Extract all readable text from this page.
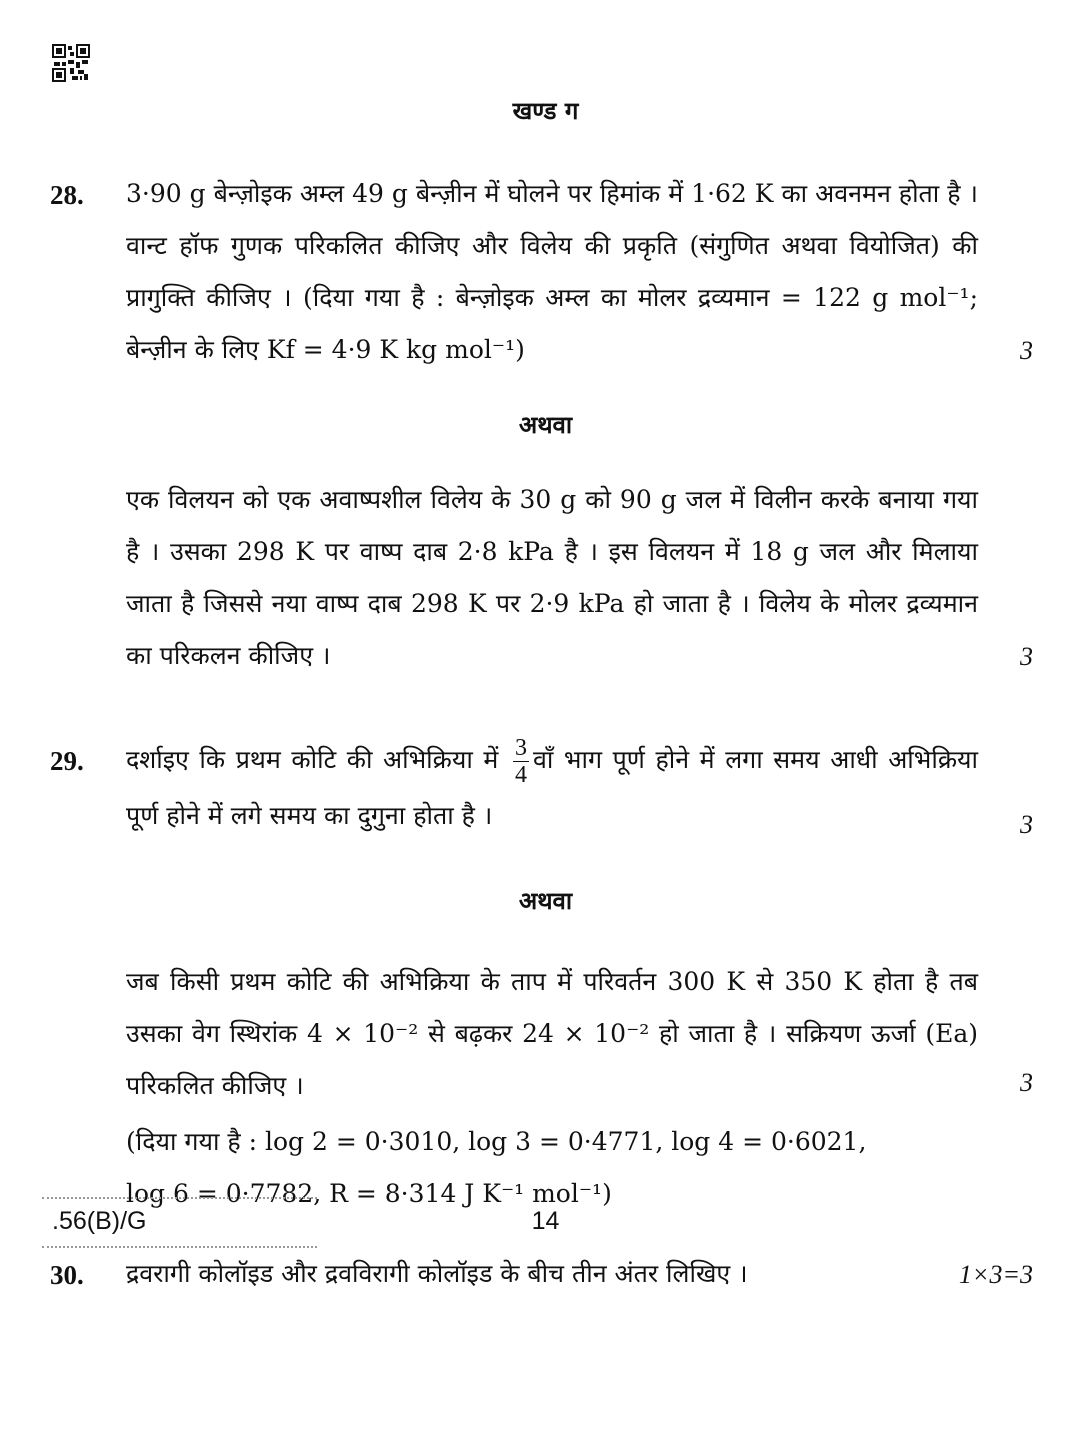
खण्ड ग
28. 3·90 g बेन्ज़ोइक अम्ल 49 g बेन्ज़ीन में घोलने पर हिमांक में 1·62 K का अवनमन होता है । वान्ट हॉफ गुणक परिकलित कीजिए और विलेय की प्रकृति (संगुणित अथवा वियोजित) की प्रागुक्ति कीजिए । (दिया गया है : बेन्ज़ोइक अम्ल का मोलर द्रव्यमान = 122 g mol⁻¹; बेन्ज़ीन के लिए Kf = 4·9 K kg mol⁻¹)	3
अथवा
एक विलयन को एक अवाष्पशील विलेय के 30 g को 90 g जल में विलीन करके बनाया गया है । उसका 298 K पर वाष्प दाब 2·8 kPa है । इस विलयन में 18 g जल और मिलाया जाता है जिससे नया वाष्प दाब 298 K पर 2·9 kPa हो जाता है । विलेय के मोलर द्रव्यमान का परिकलन कीजिए ।	3
29. दर्शाइए कि प्रथम कोटि की अभिक्रिया में $\frac{3}{4}$ वाँ भाग पूर्ण होने में लगा समय आधी अभिक्रिया पूर्ण होने में लगे समय का दुगुना होता है ।	3
अथवा
जब किसी प्रथम कोटि की अभिक्रिया के ताप में परिवर्तन 300 K से 350 K होता है तब उसका वेग स्थिरांक 4 × 10⁻² से बढ़कर 24 × 10⁻² हो जाता है । सक्रियण ऊर्जा (Ea) परिकलित कीजिए ।	3
(दिया गया है : log 2 = 0·3010, log 3 = 0·4771, log 4 = 0·6021,
log 6 = 0·7782, R = 8·314 J K⁻¹ mol⁻¹)
30. द्रवरागी कोलॉइड और द्रवविरागी कोलॉइड के बीच तीन अंतर लिखिए ।	1×3=3
.56(B)/G	14
